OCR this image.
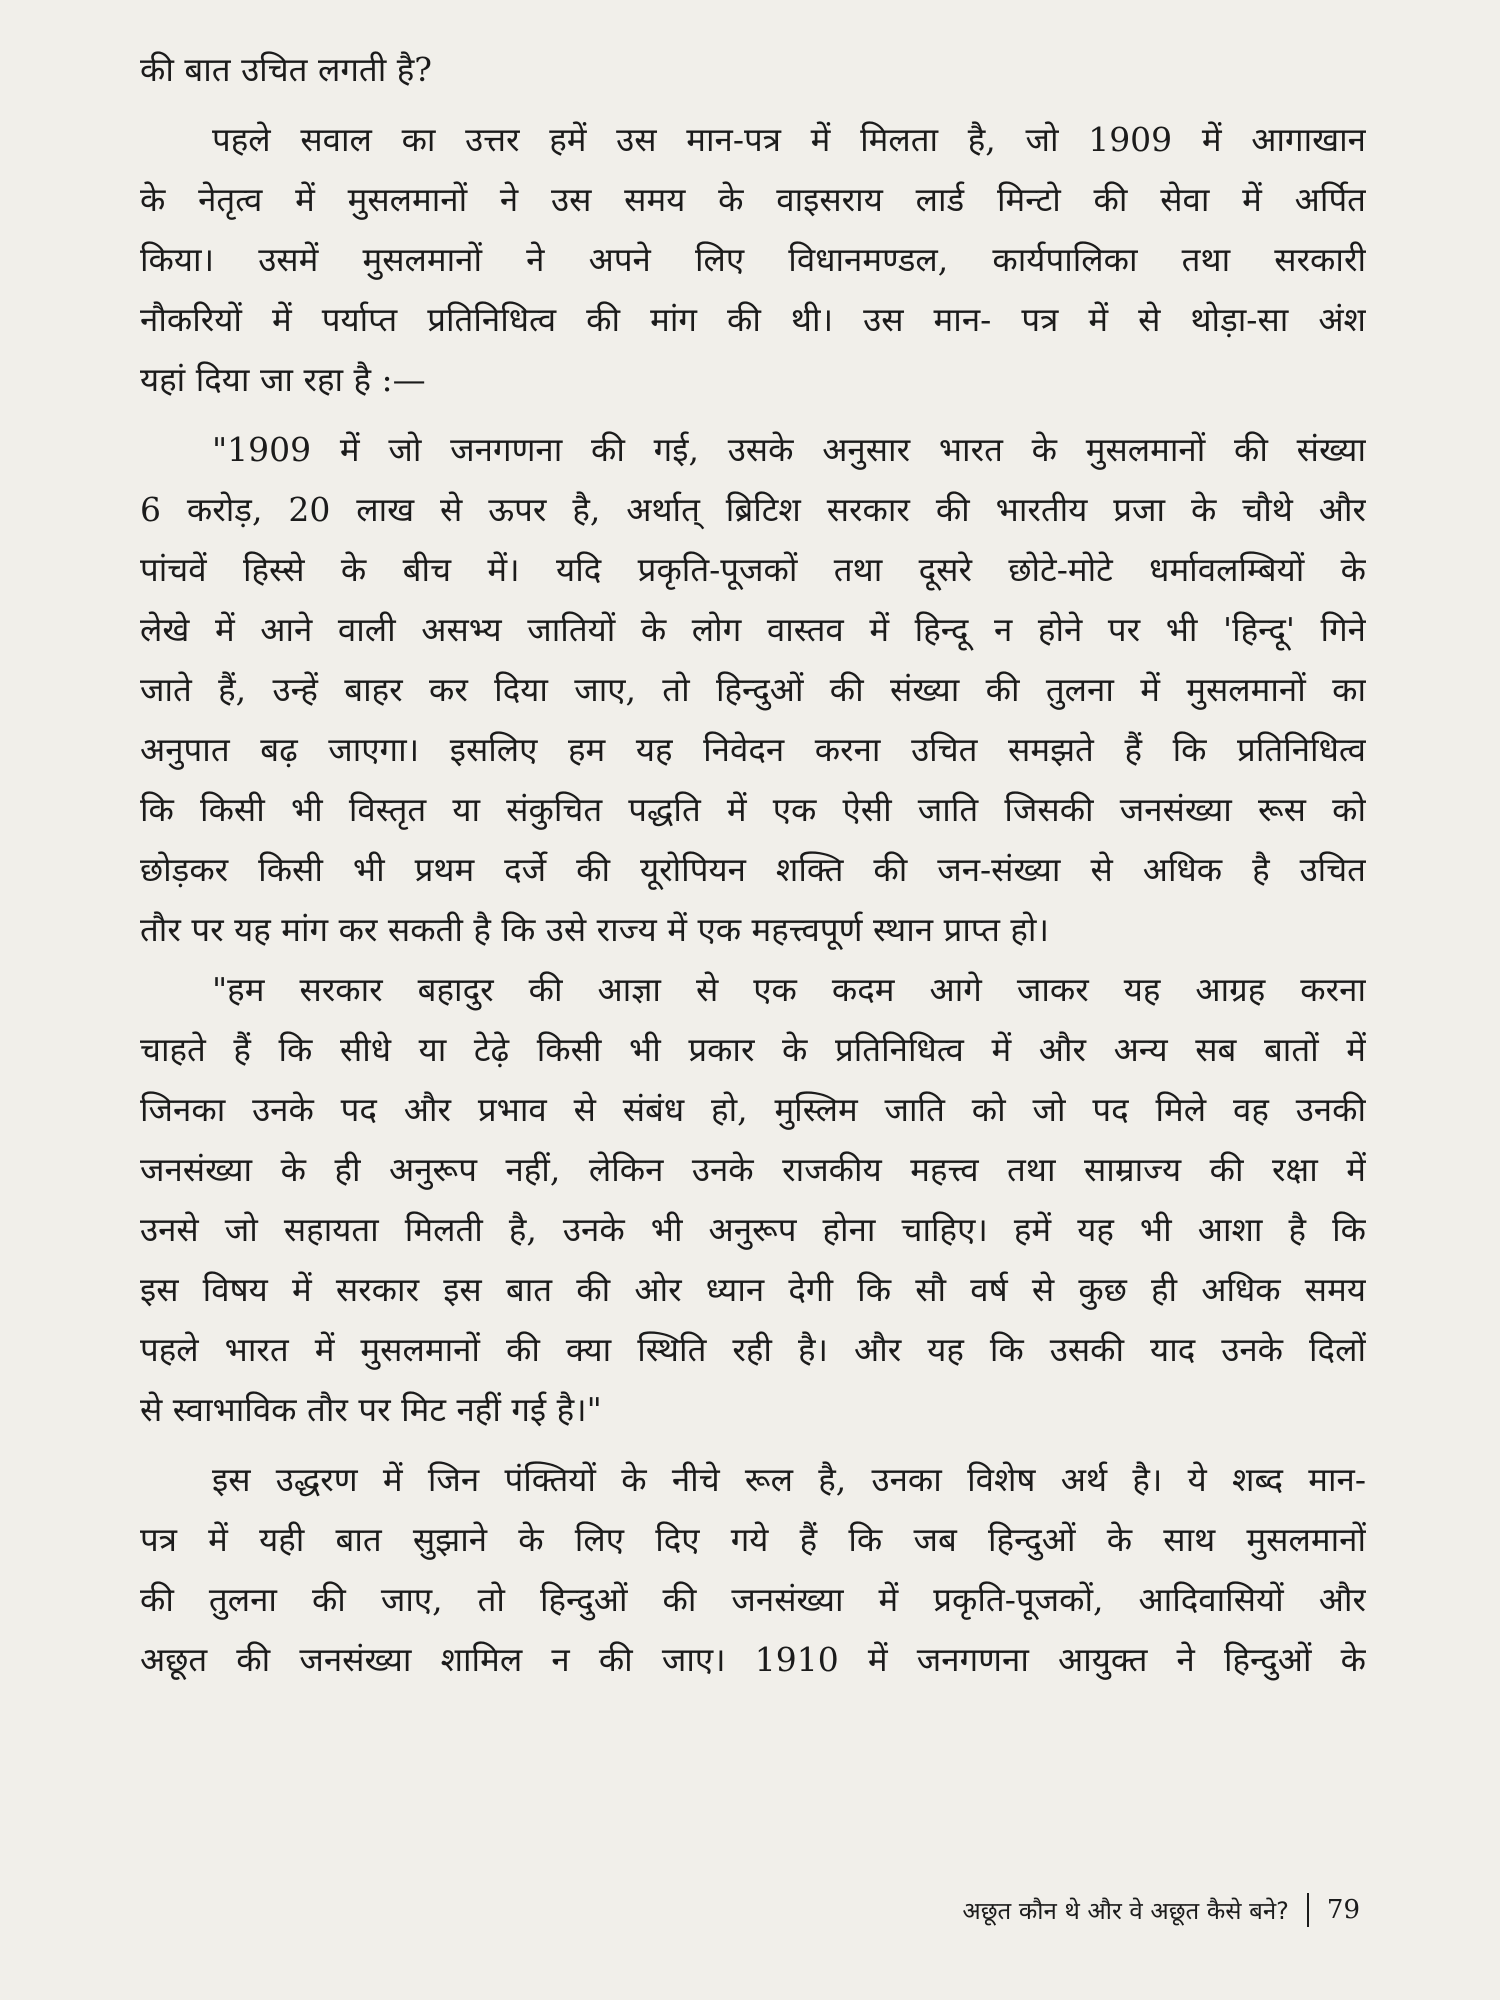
की बात उचित लगती है?
पहले सवाल का उत्तर हमें उस मान-पत्र में मिलता है, जो 1909 में आगाखान
के नेतृत्व में मुसलमानों ने उस समय के वाइसराय लार्ड मिन्टो की सेवा में अर्पित
किया। उसमें मुसलमानों ने अपने लिए विधानमण्डल, कार्यपालिका तथा सरकारी
नौकरियों में पर्याप्त प्रतिनिधित्व की मांग की थी। उस मान- पत्र में से थोड़ा-सा अंश
यहां दिया जा रहा है :—
"1909 में जो जनगणना की गई, उसके अनुसार भारत के मुसलमानों की संख्या
6 करोड़, 20 लाख से ऊपर है, अर्थात् ब्रिटिश सरकार की भारतीय प्रजा के चौथे और
पांचवें हिस्से के बीच में। यदि प्रकृति-पूजकों तथा दूसरे छोटे-मोटे धर्मावलम्बियों के
लेखे में आने वाली असभ्य जातियों के लोग वास्तव में हिन्दू न होने पर भी 'हिन्दू' गिने
जाते हैं, उन्हें बाहर कर दिया जाए, तो हिन्दुओं की संख्या की तुलना में मुसलमानों का
अनुपात बढ़ जाएगा। इसलिए हम यह निवेदन करना उचित समझते हैं कि प्रतिनिधित्व
कि किसी भी विस्तृत या संकुचित पद्धति में एक ऐसी जाति जिसकी जनसंख्या रूस को
छोड़कर किसी भी प्रथम दर्जे की यूरोपियन शक्ति की जन-संख्या से अधिक है उचित
तौर पर यह मांग कर सकती है कि उसे राज्य में एक महत्त्वपूर्ण स्थान प्राप्त हो।
"हम सरकार बहादुर की आज्ञा से एक कदम आगे जाकर यह आग्रह करना
चाहते हैं कि सीधे या टेढ़े किसी भी प्रकार के प्रतिनिधित्व में और अन्य सब बातों में
जिनका उनके पद और प्रभाव से संबंध हो, मुस्लिम जाति को जो पद मिले वह उनकी
जनसंख्या के ही अनुरूप नहीं, लेकिन उनके राजकीय महत्त्व तथा साम्राज्य की रक्षा में
उनसे जो सहायता मिलती है, उनके भी अनुरूप होना चाहिए। हमें यह भी आशा है कि
इस विषय में सरकार इस बात की ओर ध्यान देगी कि सौ वर्ष से कुछ ही अधिक समय
पहले भारत में मुसलमानों की क्या स्थिति रही है। और यह कि उसकी याद उनके दिलों
से स्वाभाविक तौर पर मिट नहीं गई है।"
इस उद्धरण में जिन पंक्तियों के नीचे रूल है, उनका विशेष अर्थ है। ये शब्द मान-
पत्र में यही बात सुझाने के लिए दिए गये हैं कि जब हिन्दुओं के साथ मुसलमानों
की तुलना की जाए, तो हिन्दुओं की जनसंख्या में प्रकृति-पूजकों, आदिवासियों और
अछूत की जनसंख्या शामिल न की जाए। 1910 में जनगणना आयुक्त ने हिन्दुओं के
अछूत कौन थे और वे अछूत कैसे बने? 79
